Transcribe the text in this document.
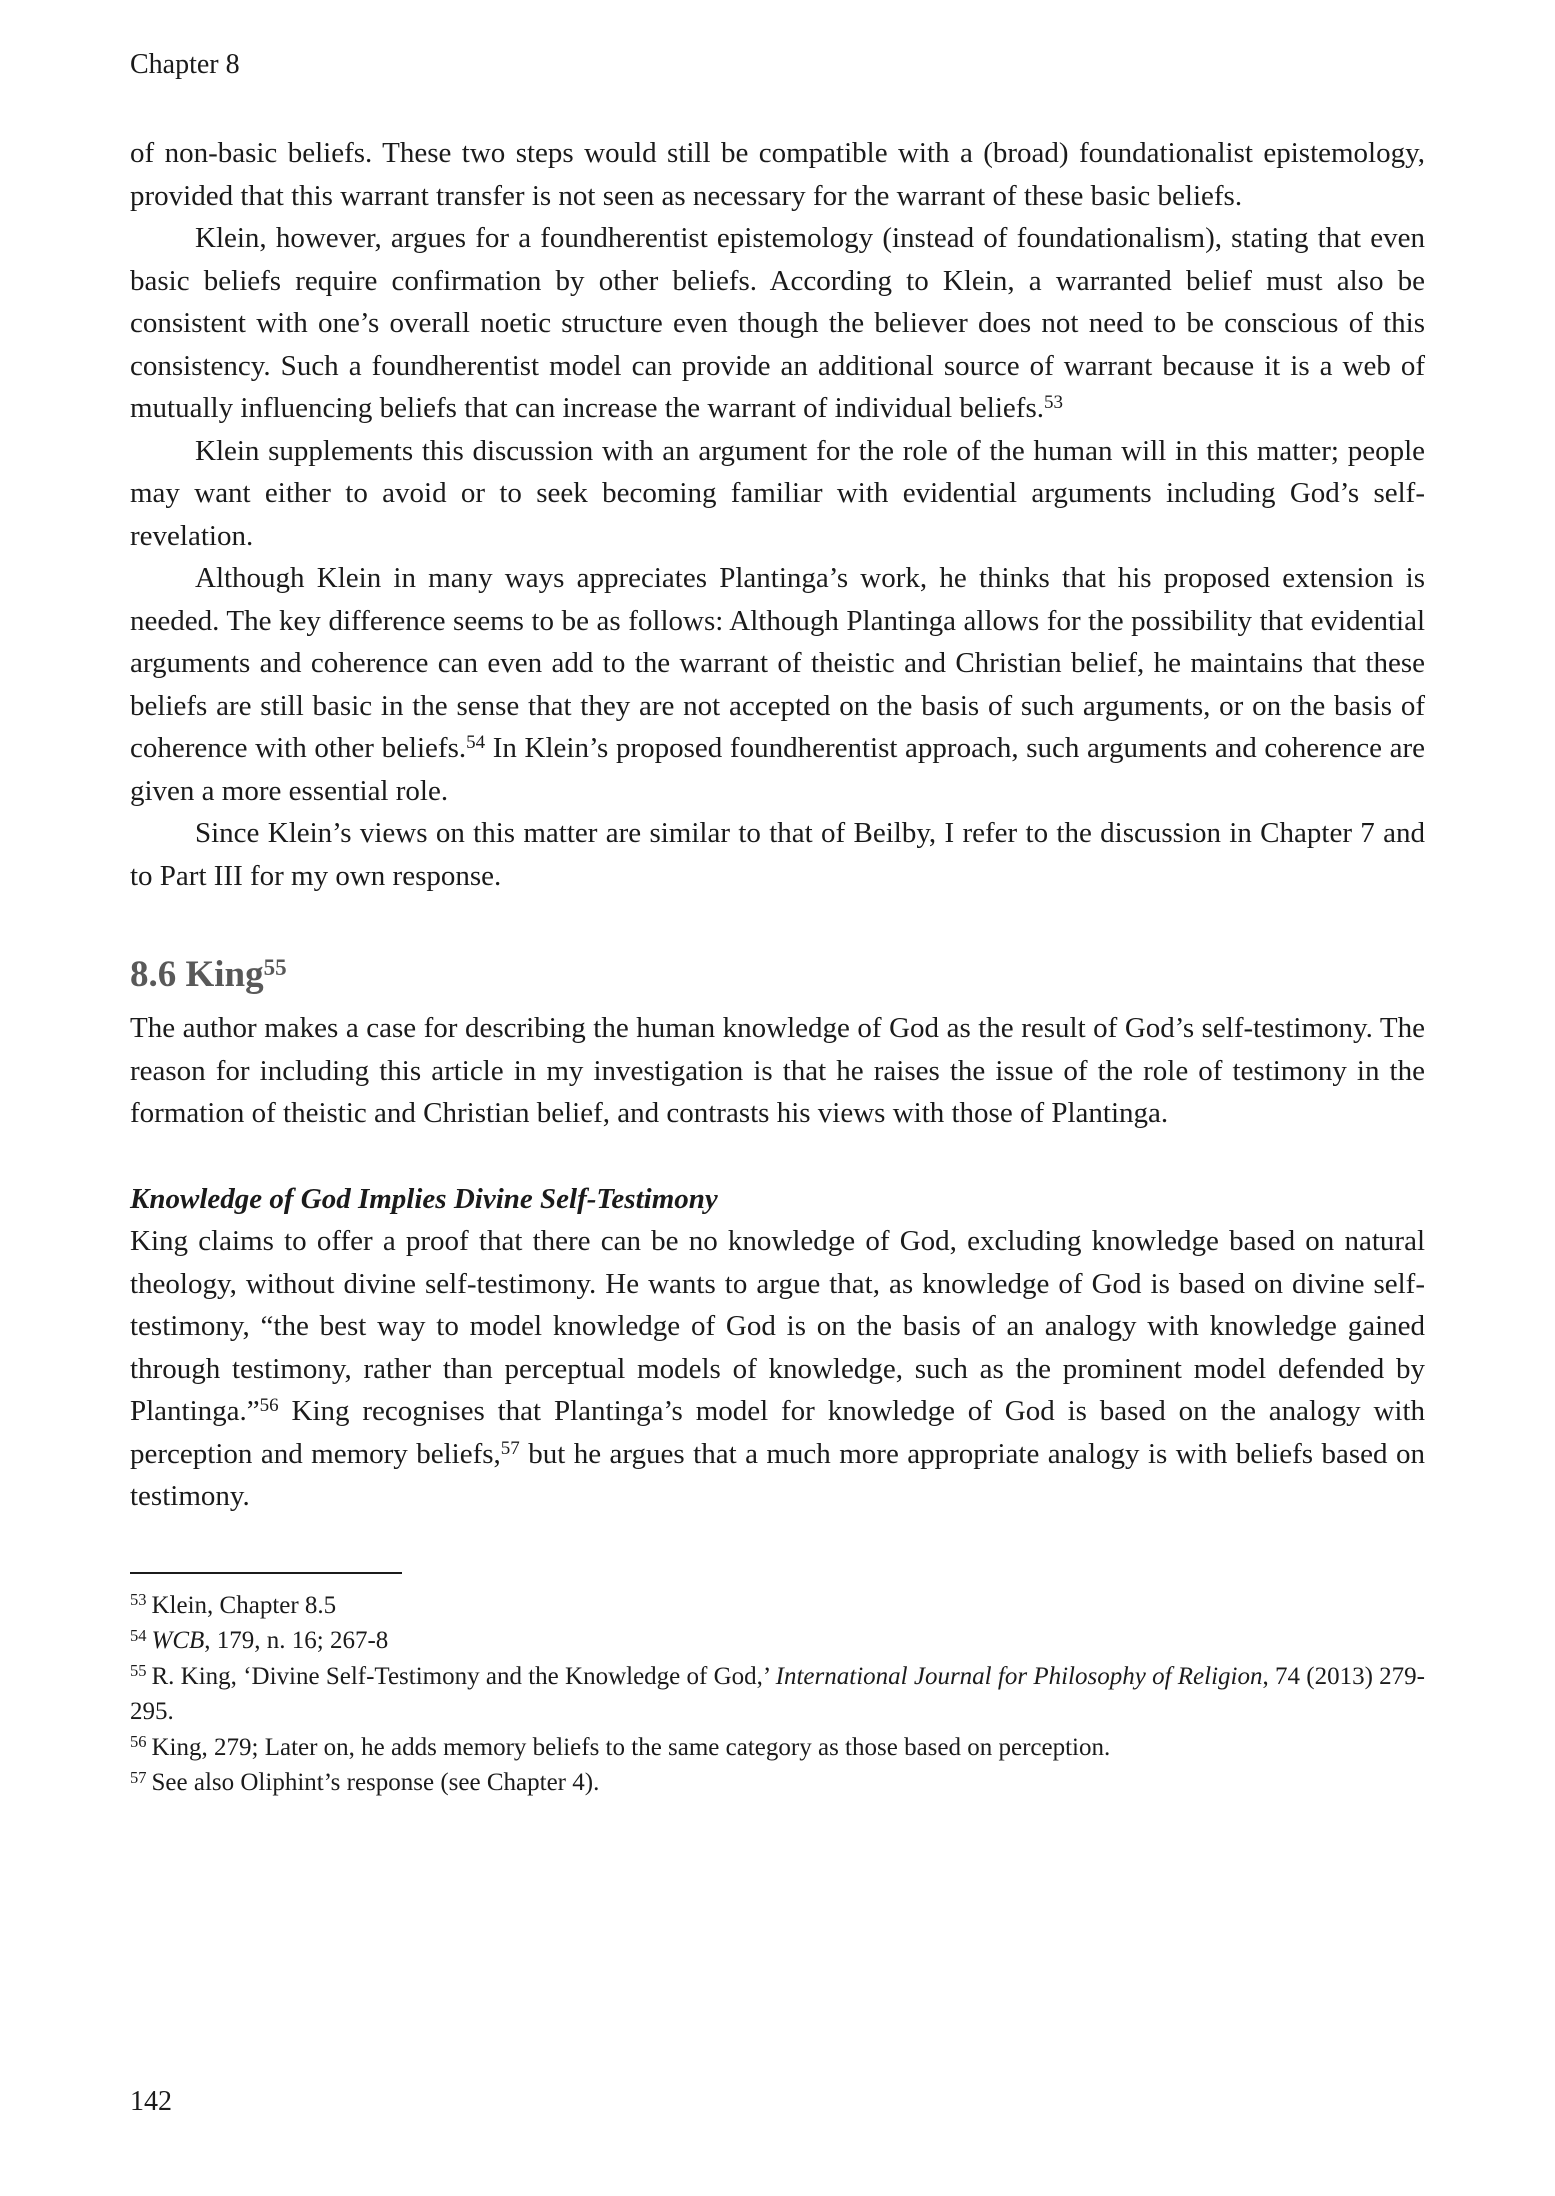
Chapter 8

of non-basic beliefs. These two steps would still be compatible with a (broad) foundationalist epistemology, provided that this warrant transfer is not seen as necessary for the warrant of these basic beliefs.

Klein, however, argues for a foundherentist epistemology (instead of foundationalism), stating that even basic beliefs require confirmation by other beliefs. According to Klein, a warranted belief must also be consistent with one’s overall noetic structure even though the believer does not need to be conscious of this consistency. Such a foundherentist model can provide an additional source of warrant because it is a web of mutually influencing beliefs that can increase the warrant of individual beliefs.$^{53}$

Klein supplements this discussion with an argument for the role of the human will in this matter; people may want either to avoid or to seek becoming familiar with evidential arguments including God’s self-revelation.

Although Klein in many ways appreciates Plantinga’s work, he thinks that his proposed extension is needed. The key difference seems to be as follows: Although Plantinga allows for the possibility that evidential arguments and coherence can even add to the warrant of theistic and Christian belief, he maintains that these beliefs are still basic in the sense that they are not accepted on the basis of such arguments, or on the basis of coherence with other beliefs.$^{54}$ In Klein’s proposed foundherentist approach, such arguments and coherence are given a more essential role.

Since Klein’s views on this matter are similar to that of Beilby, I refer to the discussion in Chapter 7 and to Part III for my own response.

8.6 King$^{55}$

The author makes a case for describing the human knowledge of God as the result of God’s self-testimony. The reason for including this article in my investigation is that he raises the issue of the role of testimony in the formation of theistic and Christian belief, and contrasts his views with those of Plantinga.

Knowledge of God Implies Divine Self-Testimony

King claims to offer a proof that there can be no knowledge of God, excluding knowledge based on natural theology, without divine self-testimony. He wants to argue that, as knowledge of God is based on divine self-testimony, “the best way to model knowledge of God is on the basis of an analogy with knowledge gained through testimony, rather than perceptual models of knowledge, such as the prominent model defended by Plantinga.”$^{56}$ King recognises that Plantinga’s model for knowledge of God is based on the analogy with perception and memory beliefs,$^{57}$ but he argues that a much more appropriate analogy is with beliefs based on testimony.

$^{53}$ Klein, Chapter 8.5

$^{54}$ WCB, 179, n. 16; 267-8

$^{55}$ R. King, ‘Divine Self-Testimony and the Knowledge of God,’ International Journal for Philosophy of Religion, 74 (2013) 279-295.

$^{56}$ King, 279; Later on, he adds memory beliefs to the same category as those based on perception.

$^{57}$ See also Oliphint’s response (see Chapter 4).

142
